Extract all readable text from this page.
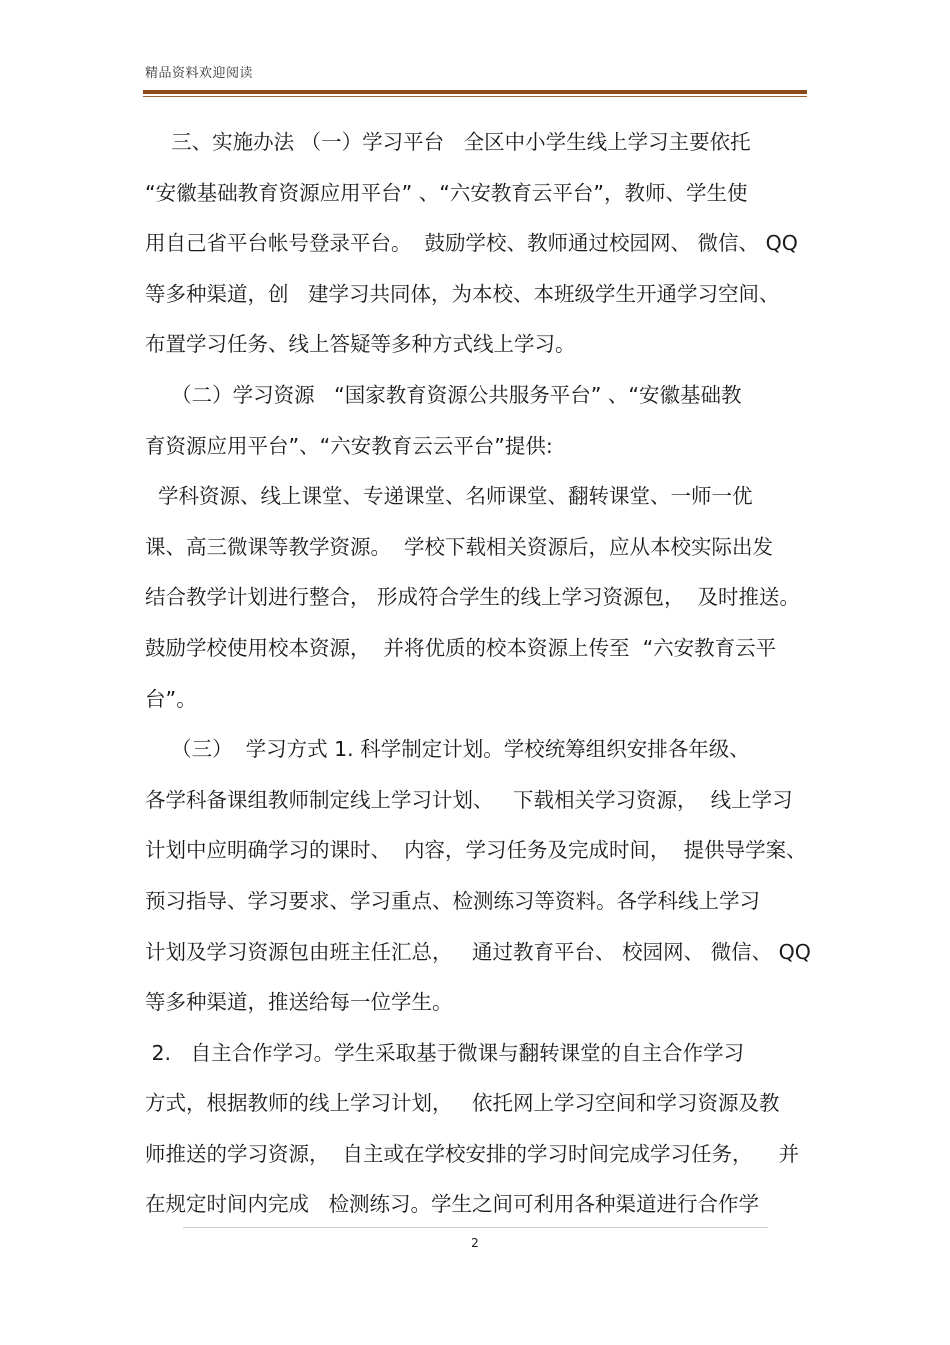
精品资料欢迎阅读
三、实施办法 （一）学习平台   全区中小学生线上学习主要依托
“安徽基础教育资源应用平台” 、“六安教育云平台”，教师、学生使
用自己省平台帐号登录平台。  鼓励学校、教师通过校园网、 微信、 QQ
等多种渠道，创   建学习共同体，为本校、本班级学生开通学习空间、
布置学习任务、线上答疑等多种方式线上学习。
（二）学习资源   “国家教育资源公共服务平台” 、“安徽基础教
育资源应用平台”、“六安教育云云平台”提供:
学科资源、线上课堂、专递课堂、名师课堂、翻转课堂、一师一优
课、高三微课等教学资源。  学校下载相关资源后，应从本校实际出发
结合教学计划进行整合， 形成符合学生的线上学习资源包，  及时推送。
鼓励学校使用校本资源，  并将优质的校本资源上传至  “六安教育云平
台”。
（三）  学习方式 1. 科学制定计划。学校统筹组织安排各年级、
各学科备课组教师制定线上学习计划、   下载相关学习资源，  线上学习
计划中应明确学习的课时、  内容，学习任务及完成时间，  提供导学案、
预习指导、学习要求、学习重点、检测练习等资料。各学科线上学习
计划及学习资源包由班主任汇总，   通过教育平台、 校园网、 微信、 QQ
等多种渠道，推送给每一位学生。
2.   自主合作学习。学生采取基于微课与翻转课堂的自主合作学习
方式，根据教师的线上学习计划，   依托网上学习空间和学习资源及教
师推送的学习资源，  自主或在学校安排的学习时间完成学习任务，    并
在规定时间内完成   检测练习。学生之间可利用各种渠道进行合作学
2
